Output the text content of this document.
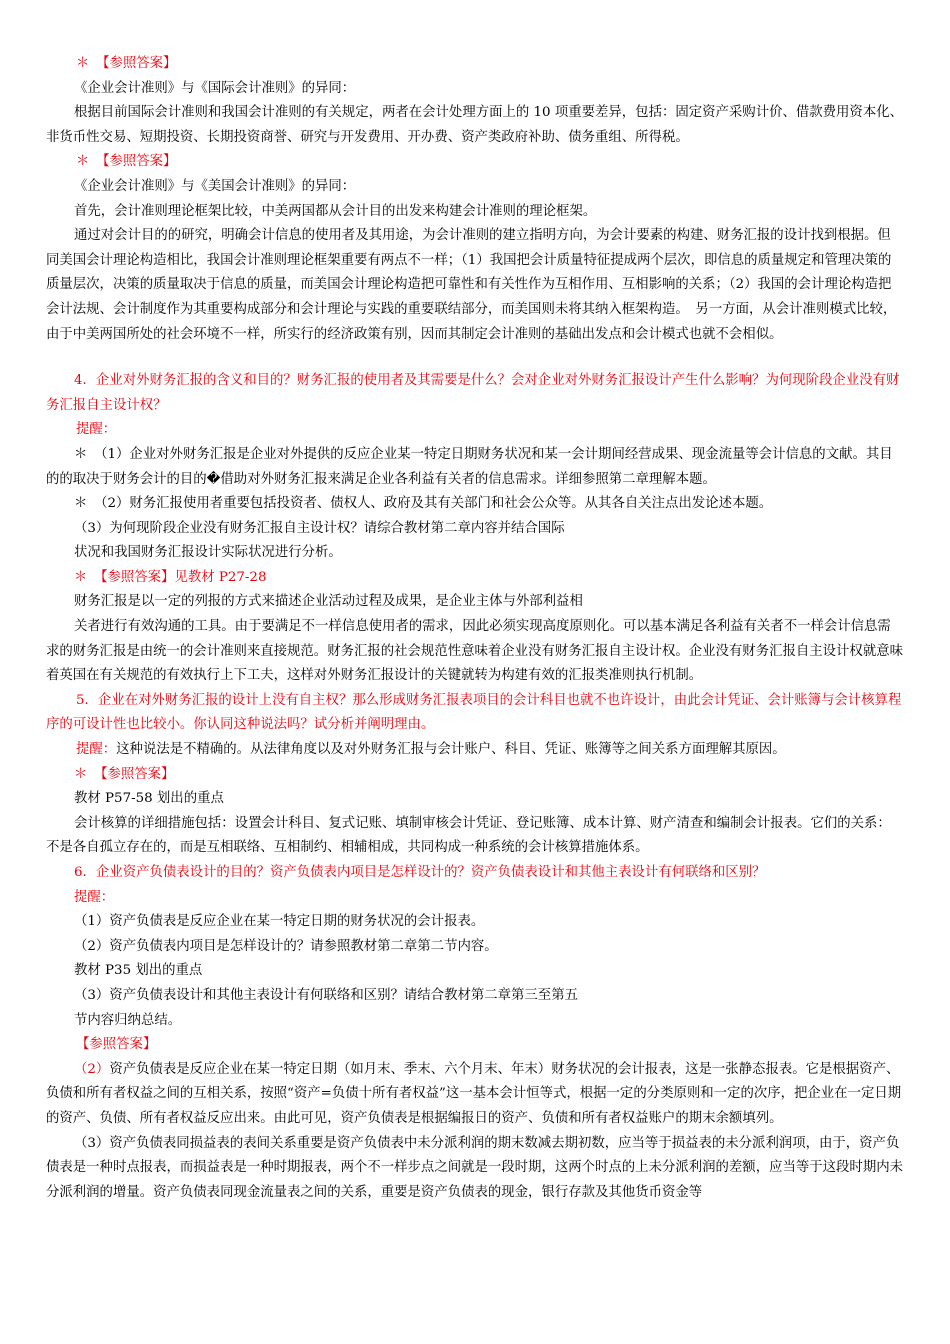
＊　【参照答案】

《企业会计准则》与《国际会计准则》的异同：

根据目前国际会计准则和我国会计准则的有关规定，两者在会计处理方面上的 10 项重要差异，包括：固定资产采购计价、借款费用资本化、非货币性交易、短期投资、长期投资商誉、研究与开发费用、开办费、资产类政府补助、债务重组、所得税。

＊　【参照答案】

《企业会计准则》与《美国会计准则》的异同：

首先，会计准则理论框架比较，中美两国都从会计目的出发来构建会计准则的理论框架。

通过对会计目的的研究，明确会计信息的使用者及其用途，为会计准则的建立指明方向，为会计要素的构建、财务汇报的设计找到根据。但同美国会计理论构造相比，我国会计准则理论框架重要有两点不一样；（1）我国把会计质量特征提成两个层次，即信息的质量规定和管理决策的质量层次，决策的质量取决于信息的质量，而美国会计理论构造把可靠性和有关性作为互相作用、互相影响的关系；（2）我国的会计理论构造把会计法规、会计制度作为其重要构成部分和会计理论与实践的重要联结部分，而美国则未将其纳入框架构造。　另一方面，从会计准则模式比较，由于中美两国所处的社会环境不一样，所实行的经济政策有别，因而其制定会计准则的基础出发点和会计模式也就不会相似。

4．企业对外财务汇报的含义和目的？财务汇报的使用者及其需要是什么？会对企业对外财务汇报设计产生什么影响？为何现阶段企业没有财务汇报自主设计权？

提醒：

＊　（1）企业对外财务汇报是企业对外提供的反应企业某一特定日期财务状况和某一会计期间经营成果、现金流量等会计信息的文献。其目的的取决于财务会计的目的�借助对外财务汇报来满足企业各利益有关者的信息需求。详细参照第二章理解本题。

＊　（2）财务汇报使用者重要包括投资者、债权人、政府及其有关部门和社会公众等。从其各自关注点出发论述本题。

（3）为何现阶段企业没有财务汇报自主设计权？请综合教材第二章内容并结合国际

状况和我国财务汇报设计实际状况进行分析。

＊　【参照答案】见教材 P27-28

财务汇报是以一定的列报的方式来描述企业活动过程及成果，是企业主体与外部利益相

关者进行有效沟通的工具。由于要满足不一样信息使用者的需求，因此必须实现高度原则化。可以基本满足各利益有关者不一样会计信息需求的财务汇报是由统一的会计准则来直接规范。财务汇报的社会规范性意味着企业没有财务汇报自主设计权。企业没有财务汇报自主设计权就意味着英国在有关规范的有效执行上下工夫，这样对外财务汇报设计的关键就转为构建有效的汇报类准则执行机制。

5．企业在对外财务汇报的设计上没有自主权？那么形成财务汇报表项目的会计科目也就不也许设计，由此会计凭证、会计账簿与会计核算程序的可设计性也比较小。你认同这种说法吗？试分析并阐明理由。

提醒：这种说法是不精确的。从法律角度以及对外财务汇报与会计账户、科目、凭证、账簿等之间关系方面理解其原因。

＊　【参照答案】

教材 P57-58 划出的重点

会计核算的详细措施包括：设置会计科目、复式记账、填制审核会计凭证、登记账簿、成本计算、财产清查和编制会计报表。它们的关系：不是各自孤立存在的，而是互相联络、互相制约、相辅相成，共同构成一种系统的会计核算措施体系。

6．企业资产负债表设计的目的？资产负债表内项目是怎样设计的？资产负债表设计和其他主表设计有何联络和区别？

提醒：

（1）资产负债表是反应企业在某一特定日期的财务状况的会计报表。

（2）资产负债表内项目是怎样设计的？请参照教材第二章第二节内容。

教材 P35 划出的重点

（3）资产负债表设计和其他主表设计有何联络和区别？请结合教材第二章第三至第五

节内容归纳总结。

【参照答案】

（2）资产负债表是反应企业在某一特定日期（如月末、季末、六个月末、年末）财务状况的会计报表，这是一张静态报表。它是根据资产、负债和所有者权益之间的互相关系，按照“资产=负债十所有者权益”这一基本会计恒等式，根据一定的分类原则和一定的次序，把企业在一定日期的资产、负债、所有者权益反应出来。由此可见，资产负债表是根据编报日的资产、负债和所有者权益账户的期末余额填列。

（3）资产负债表同损益表的表间关系重要是资产负债表中未分派利润的期末数减去期初数，应当等于损益表的未分派利润项，由于，资产负债表是一种时点报表，而损益表是一种时期报表，两个不一样步点之间就是一段时期，这两个时点的上未分派利润的差额，应当等于这段时期内未分派利润的增量。资产负债表同现金流量表之间的关系，重要是资产负债表的现金，银行存款及其他货币资金等
